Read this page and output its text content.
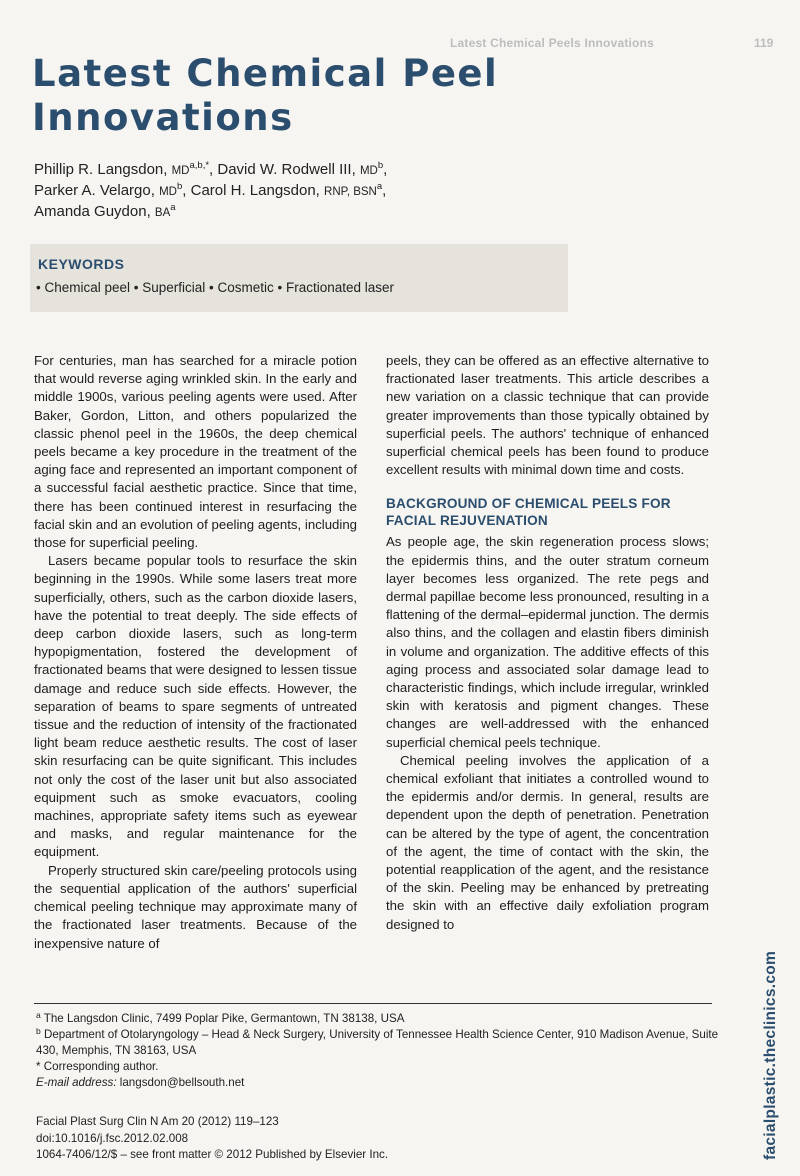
Latest Chemical Peels Innovations	119
Latest Chemical Peel Innovations
Phillip R. Langsdon, $MD^{a,b,*}$, David W. Rodwell III, $MD^b$,
Parker A. Velargo, $MD^b$, Carol H. Langsdon, RNP, BSN$^a$,
Amanda Guydon, $BA^a$
KEYWORDS
• Chemical peel • Superficial • Cosmetic • Fractionated laser

For centuries, man has searched for a miracle potion that would reverse aging wrinkled skin. In the early and middle 1900s, various peeling agents were used. After Baker, Gordon, Litton, and others popularized the classic phenol peel in the 1960s, the deep chemical peels became a key procedure in the treatment of the aging face and represented an important component of a successful facial aesthetic practice. Since that time, there has been continued interest in resurfacing the facial skin and an evolution of peeling agents, including those for superficial peeling.

Lasers became popular tools to resurface the skin beginning in the 1990s. While some lasers treat more superficially, others, such as the carbon dioxide lasers, have the potential to treat deeply. The side effects of deep carbon dioxide lasers, such as long-term hypopigmentation, fostered the development of fractionated beams that were designed to lessen tissue damage and reduce such side effects. However, the separation of beams to spare segments of untreated tissue and the reduction of intensity of the fractionated light beam reduce aesthetic results. The cost of laser skin resurfacing can be quite significant. This includes not only the cost of the laser unit but also associated equipment such as smoke evacuators, cooling machines, appropriate safety items such as eyewear and masks, and regular maintenance for the equipment.

Properly structured skin care/peeling protocols using the sequential application of the authors' superficial chemical peeling technique may approximate many of the fractionated laser treatments. Because of the inexpensive nature of

peels, they can be offered as an effective alternative to fractionated laser treatments. This article describes a new variation on a classic technique that can provide greater improvements than those typically obtained by superficial peels. The authors' technique of enhanced superficial chemical peels has been found to produce excellent results with minimal down time and costs.

BACKGROUND OF CHEMICAL PEELS FOR FACIAL REJUVENATION

As people age, the skin regeneration process slows; the epidermis thins, and the outer stratum corneum layer becomes less organized. The rete pegs and dermal papillae become less pronounced, resulting in a flattening of the dermal–epidermal junction. The dermis also thins, and the collagen and elastin fibers diminish in volume and organization. The additive effects of this aging process and associated solar damage lead to characteristic findings, which include irregular, wrinkled skin with keratosis and pigment changes. These changes are well-addressed with the enhanced superficial chemical peels technique.

Chemical peeling involves the application of a chemical exfoliant that initiates a controlled wound to the epidermis and/or dermis. In general, results are dependent upon the depth of penetration. Penetration can be altered by the type of agent, the concentration of the agent, the time of contact with the skin, the potential reapplication of the agent, and the resistance of the skin. Peeling may be enhanced by pretreating the skin with an effective daily exfoliation program designed to

$^a$ The Langsdon Clinic, 7499 Poplar Pike, Germantown, TN 38138, USA
$^b$ Department of Otolaryngology – Head & Neck Surgery, University of Tennessee Health Science Center, 910 Madison Avenue, Suite 430, Memphis, TN 38163, USA
* Corresponding author.
E-mail address: langsdon@bellsouth.net
Facial Plast Surg Clin N Am 20 (2012) 119–123
doi:10.1016/j.fsc.2012.02.008
1064-7406/12/$ – see front matter © 2012 Published by Elsevier Inc.	facialplastic.theclinics.com
